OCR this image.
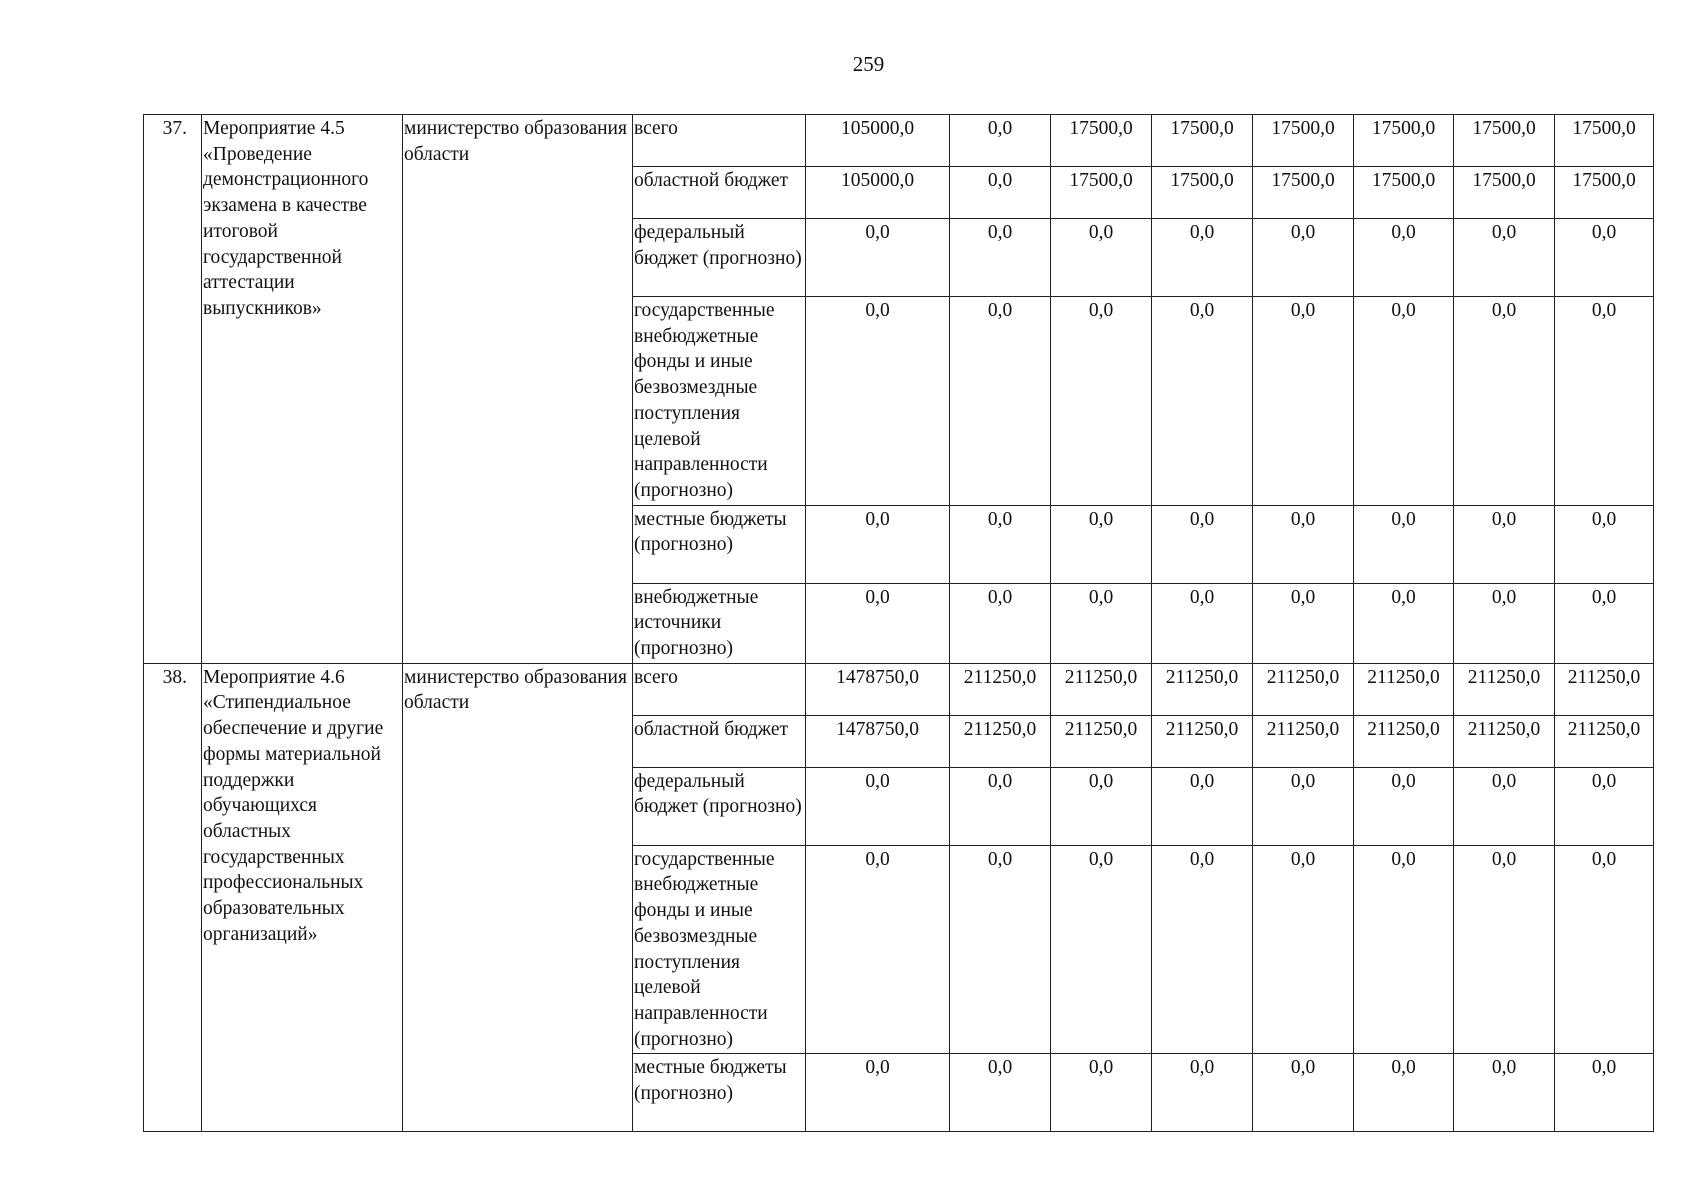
259
37.	Мероприятие 4.5 «Проведение демонстрационного экзамена в качестве итоговой государственной аттестации выпускников»	министерство образования области	всего	105000,0	0,0	17500,0	17500,0	17500,0	17500,0	17500,0	17500,0
			областной бюджет	105000,0	0,0	17500,0	17500,0	17500,0	17500,0	17500,0	17500,0
			федеральный бюджет (прогнозно)	0,0	0,0	0,0	0,0	0,0	0,0	0,0	0,0
			государственные внебюджетные фонды и иные безвозмездные поступления целевой направленности (прогнозно)	0,0	0,0	0,0	0,0	0,0	0,0	0,0	0,0
			местные бюджеты (прогнозно)	0,0	0,0	0,0	0,0	0,0	0,0	0,0	0,0
			внебюджетные источники (прогнозно)	0,0	0,0	0,0	0,0	0,0	0,0	0,0	0,0
38.	Мероприятие 4.6 «Стипендиальное обеспечение и другие формы материальной поддержки обучающихся областных государственных профессиональных образовательных организаций»	министерство образования области	всего	1478750,0	211250,0	211250,0	211250,0	211250,0	211250,0	211250,0	211250,0
			областной бюджет	1478750,0	211250,0	211250,0	211250,0	211250,0	211250,0	211250,0	211250,0
			федеральный бюджет (прогнозно)	0,0	0,0	0,0	0,0	0,0	0,0	0,0	0,0
			государственные внебюджетные фонды и иные безвозмездные поступления целевой направленности (прогнозно)	0,0	0,0	0,0	0,0	0,0	0,0	0,0	0,0
			местные бюджеты (прогнозно)	0,0	0,0	0,0	0,0	0,0	0,0	0,0	0,0
